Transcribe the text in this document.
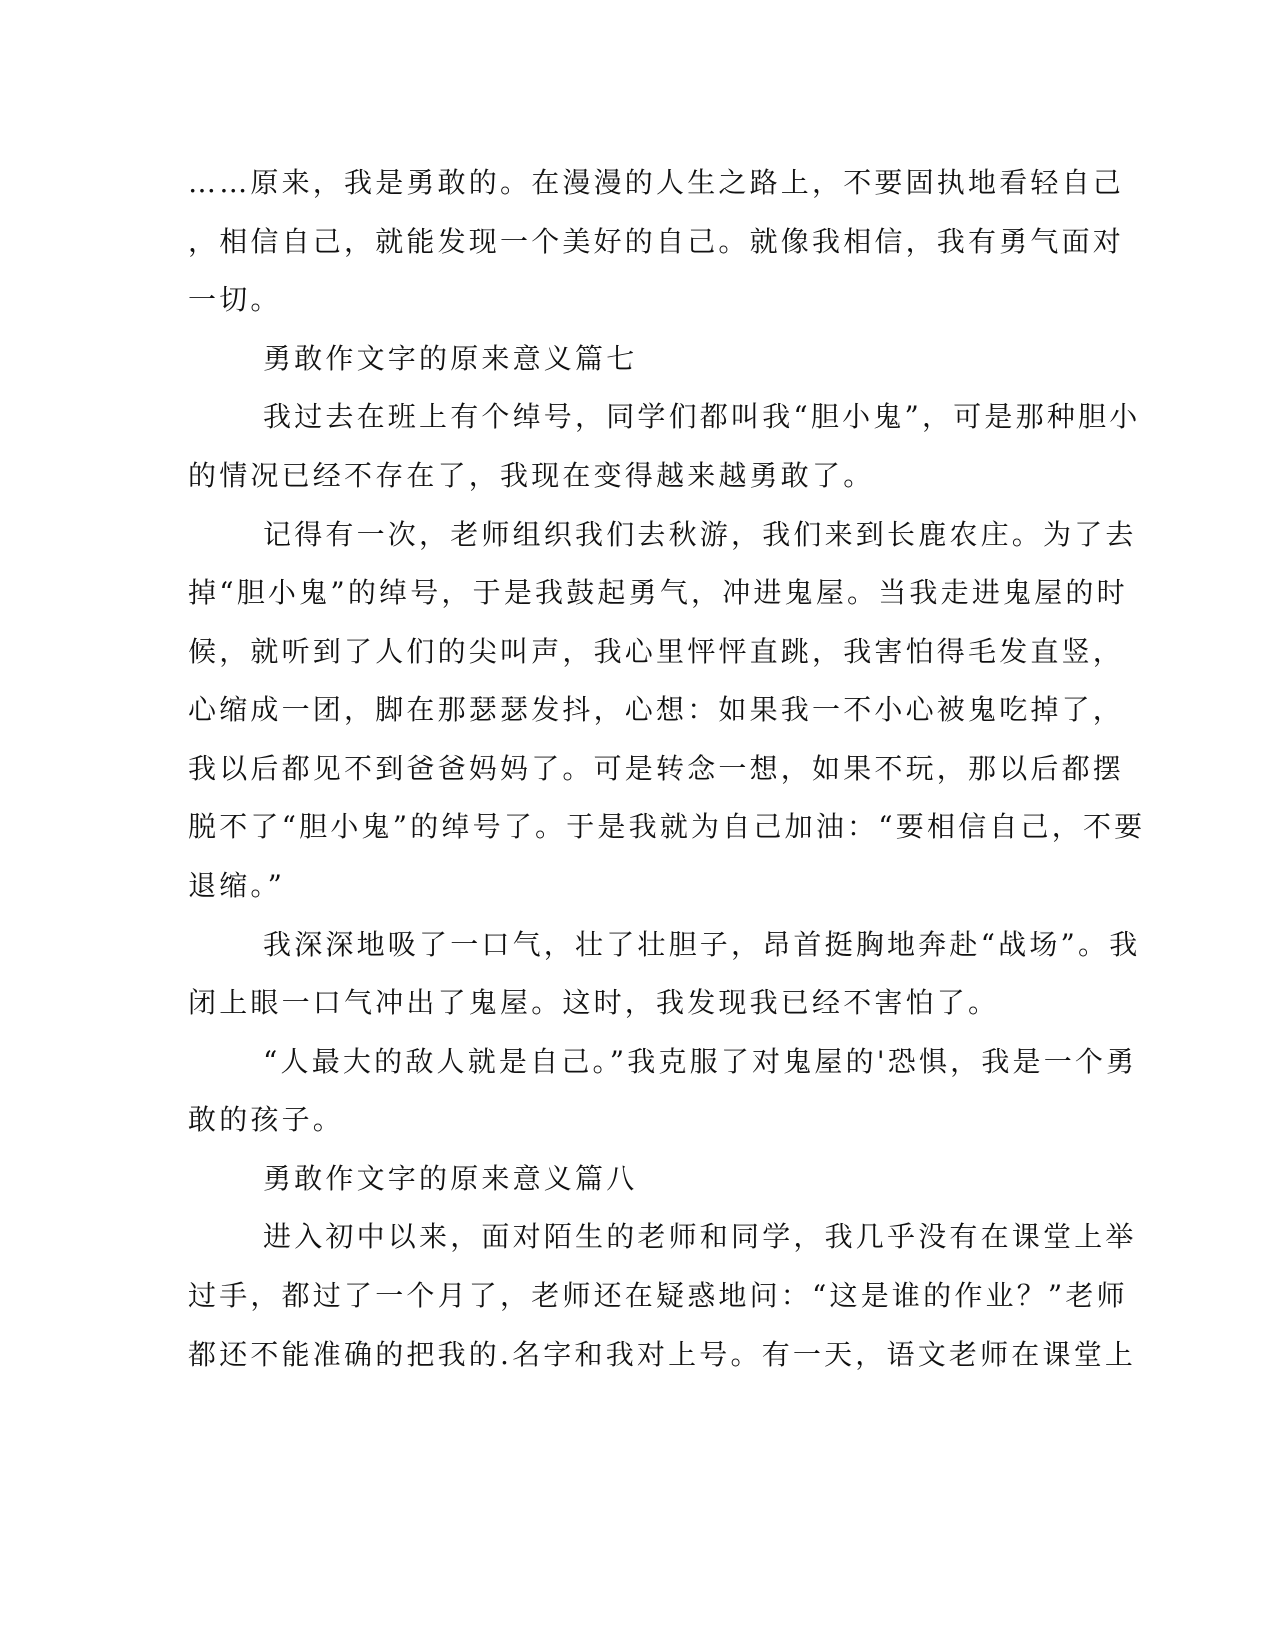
……原来，我是勇敢的。在漫漫的人生之路上，不要固执地看轻自己
，相信自己，就能发现一个美好的自己。就像我相信，我有勇气面对
一切。
勇敢作文字的原来意义篇七
我过去在班上有个绰号，同学们都叫我“胆小鬼”，可是那种胆小
的情况已经不存在了，我现在变得越来越勇敢了。
记得有一次，老师组织我们去秋游，我们来到长鹿农庄。为了去
掉“胆小鬼”的绰号，于是我鼓起勇气，冲进鬼屋。当我走进鬼屋的时
候，就听到了人们的尖叫声，我心里怦怦直跳，我害怕得毛发直竖，
心缩成一团，脚在那瑟瑟发抖，心想：如果我一不小心被鬼吃掉了，
我以后都见不到爸爸妈妈了。可是转念一想，如果不玩，那以后都摆
脱不了“胆小鬼”的绰号了。于是我就为自己加油：“要相信自己，不要
退缩。”
我深深地吸了一口气，壮了壮胆子，昂首挺胸地奔赴“战场”。我
闭上眼一口气冲出了鬼屋。这时，我发现我已经不害怕了。
“人最大的敌人就是自己。”我克服了对鬼屋的'恐惧，我是一个勇
敢的孩子。
勇敢作文字的原来意义篇八
进入初中以来，面对陌生的老师和同学，我几乎没有在课堂上举
过手，都过了一个月了，老师还在疑惑地问：“这是谁的作业？”老师
都还不能准确的把我的.名字和我对上号。有一天，语文老师在课堂上
